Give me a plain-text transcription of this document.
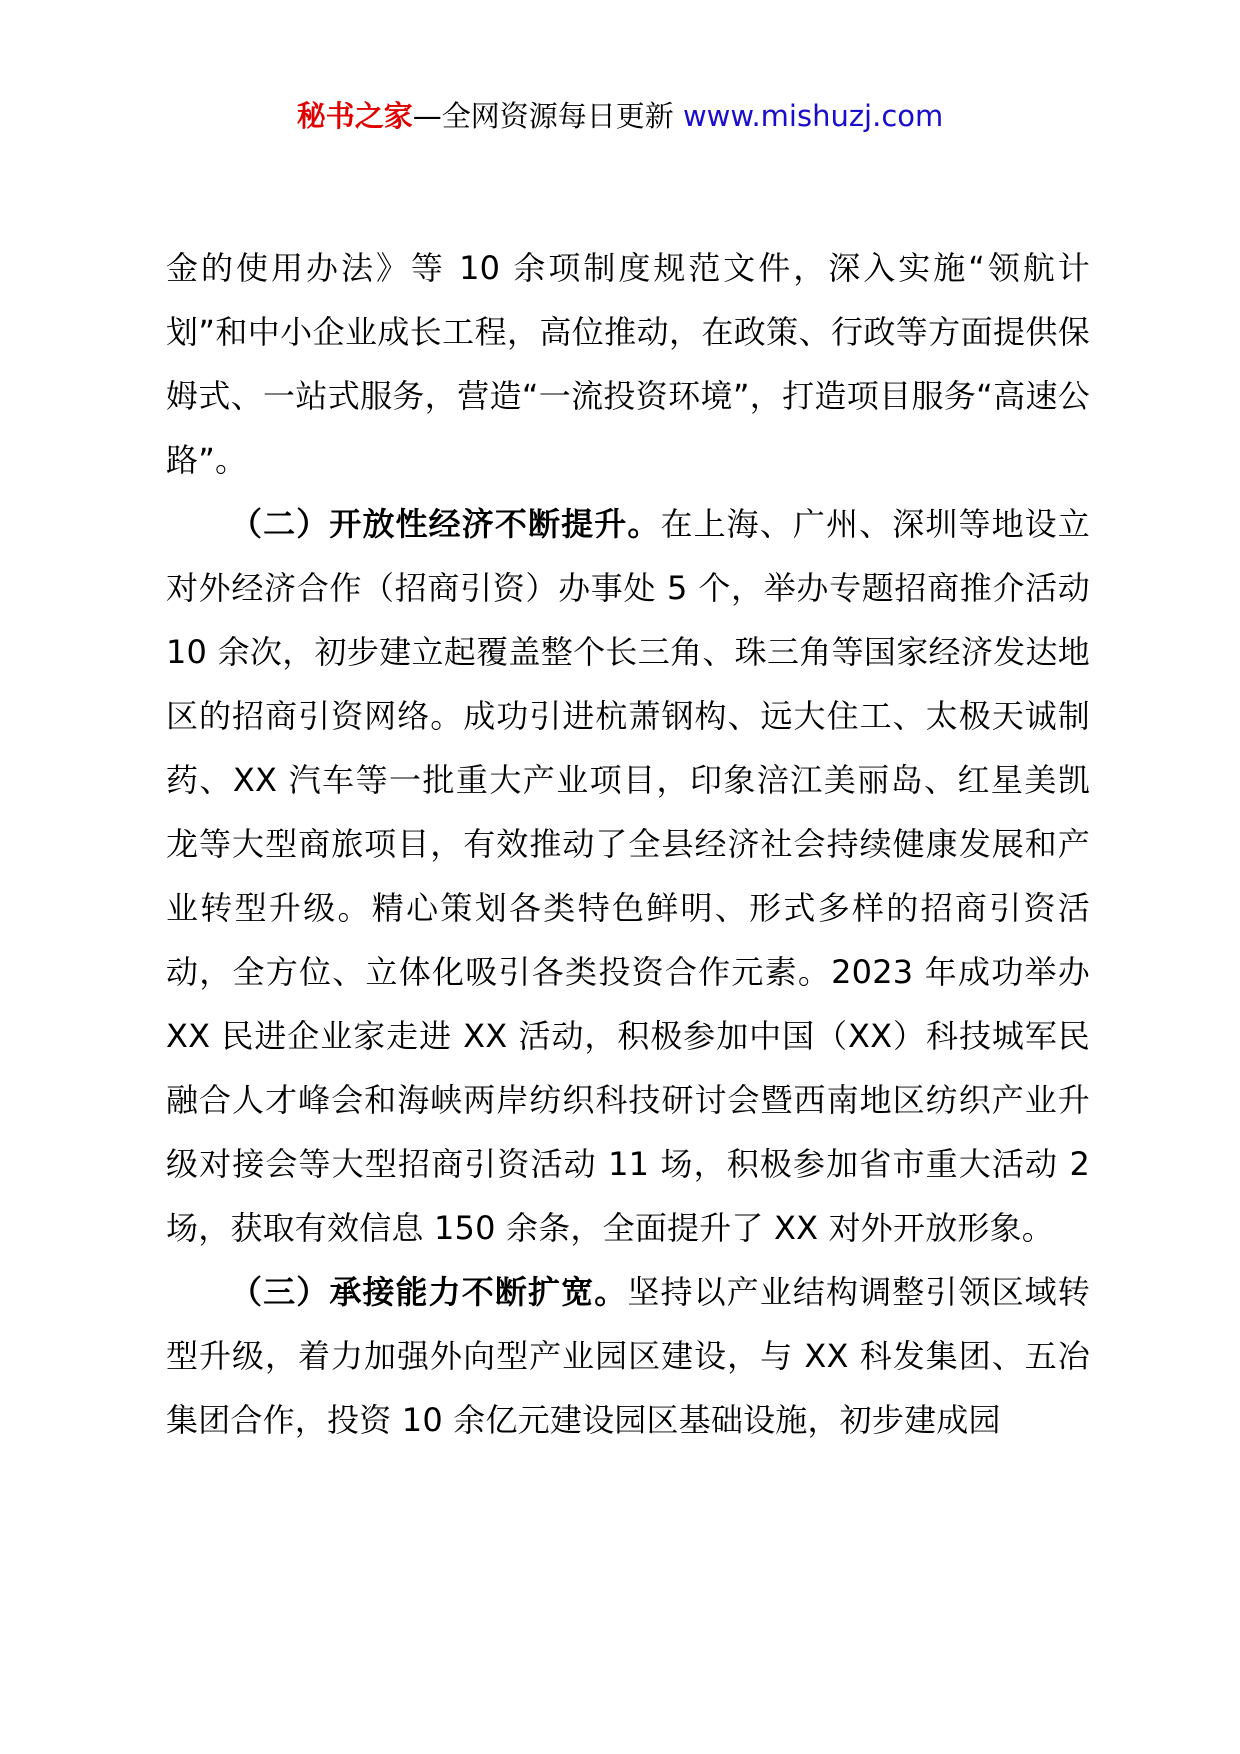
秘书之家—全网资源每日更新 www.mishuzj.com

金的使用办法》等 10 余项制度规范文件，深入实施“领航计划”和中小企业成长工程，高位推动，在政策、行政等方面提供保姆式、一站式服务，营造“一流投资环境”，打造项目服务“高速公路”。

（二）开放性经济不断提升。在上海、广州、深圳等地设立对外经济合作（招商引资）办事处 5 个，举办专题招商推介活动 10 余次，初步建立起覆盖整个长三角、珠三角等国家经济发达地区的招商引资网络。成功引进杭萧钢构、远大住工、太极天诚制药、XX 汽车等一批重大产业项目，印象涪江美丽岛、红星美凯龙等大型商旅项目，有效推动了全县经济社会持续健康发展和产业转型升级。精心策划各类特色鲜明、形式多样的招商引资活动，全方位、立体化吸引各类投资合作元素。2023 年成功举办 XX 民进企业家走进 XX 活动，积极参加中国（XX）科技城军民融合人才峰会和海峡两岸纺织科技研讨会暨西南地区纺织产业升级对接会等大型招商引资活动 11 场，积极参加省市重大活动 2 场，获取有效信息 150 余条，全面提升了 XX 对外开放形象。

（三）承接能力不断扩宽。坚持以产业结构调整引领区域转型升级，着力加强外向型产业园区建设，与 XX 科发集团、五冶集团合作，投资 10 余亿元建设园区基础设施，初步建成园
